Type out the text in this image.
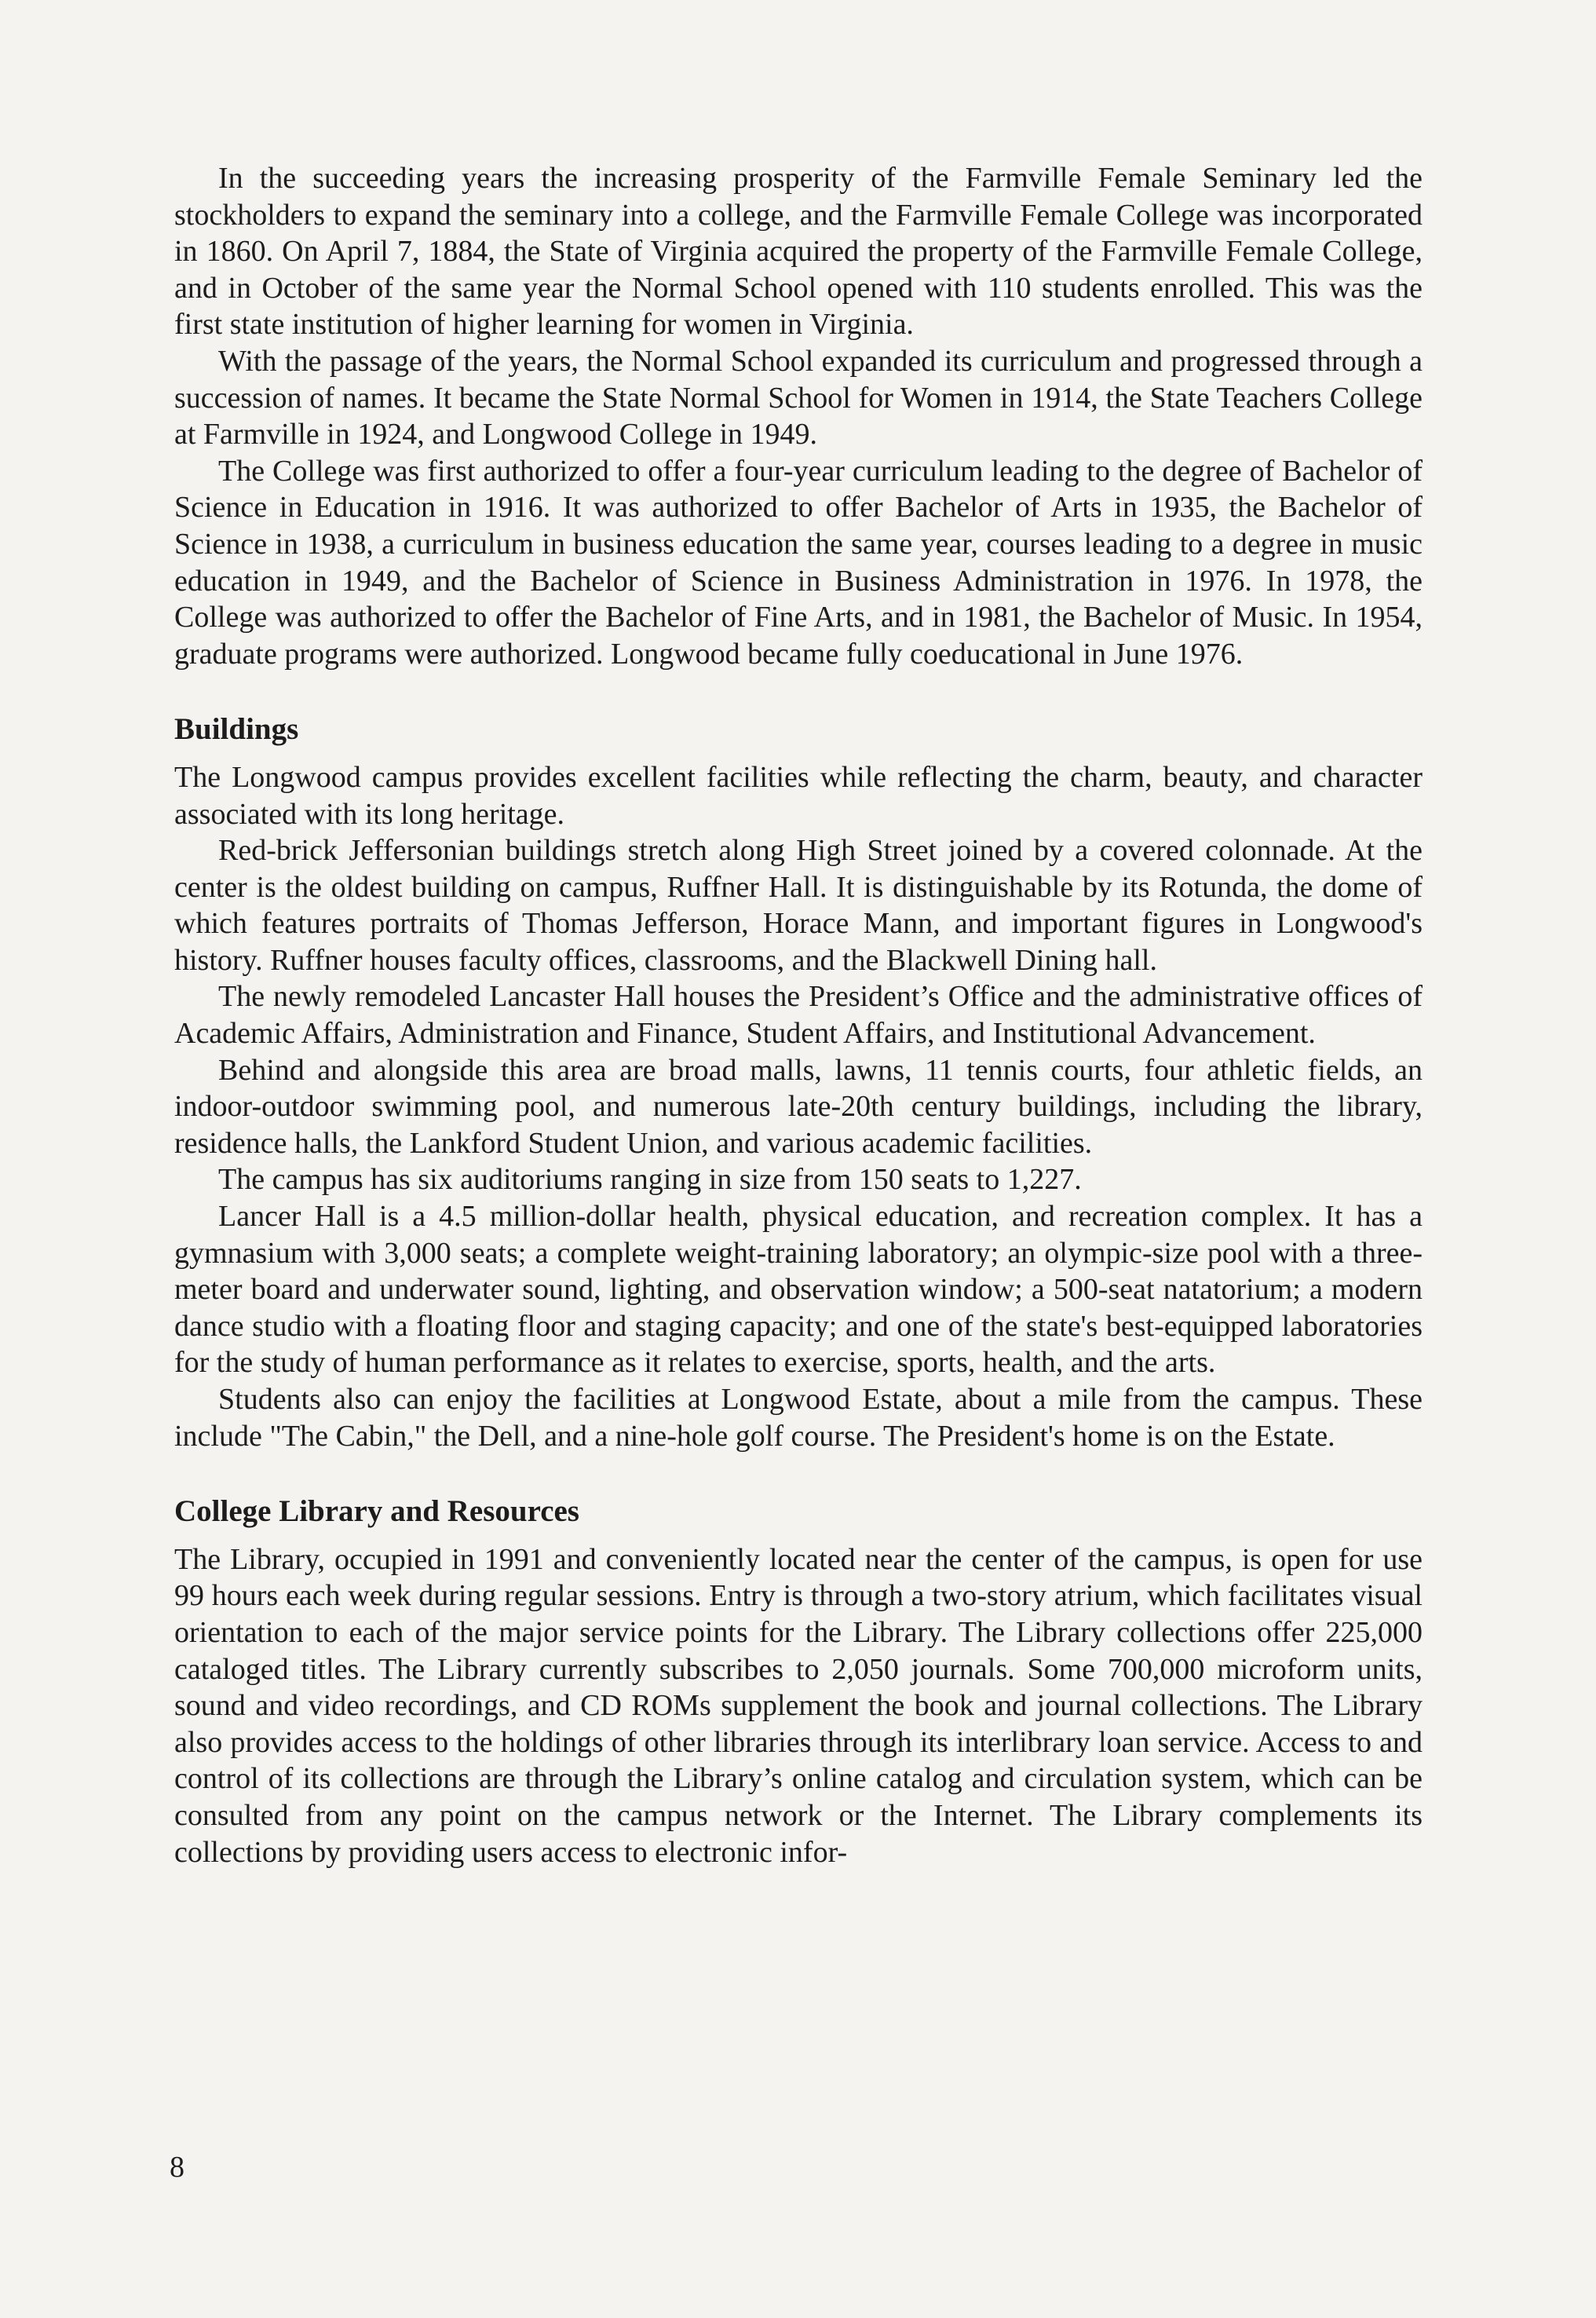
In the succeeding years the increasing prosperity of the Farmville Female Seminary led the stockholders to expand the seminary into a college, and the Farmville Female College was incorporated in 1860. On April 7, 1884, the State of Virginia acquired the property of the Farmville Female College, and in October of the same year the Normal School opened with 110 students enrolled. This was the first state institution of higher learning for women in Virginia.

With the passage of the years, the Normal School expanded its curriculum and progressed through a succession of names. It became the State Normal School for Women in 1914, the State Teachers College at Farmville in 1924, and Longwood College in 1949.

The College was first authorized to offer a four-year curriculum leading to the degree of Bachelor of Science in Education in 1916. It was authorized to offer Bachelor of Arts in 1935, the Bachelor of Science in 1938, a curriculum in business education the same year, courses leading to a degree in music education in 1949, and the Bachelor of Science in Business Administration in 1976. In 1978, the College was authorized to offer the Bachelor of Fine Arts, and in 1981, the Bachelor of Music. In 1954, graduate programs were authorized. Longwood became fully coeducational in June 1976.

Buildings

The Longwood campus provides excellent facilities while reflecting the charm, beauty, and character associated with its long heritage.

Red-brick Jeffersonian buildings stretch along High Street joined by a covered colonnade. At the center is the oldest building on campus, Ruffner Hall. It is distinguishable by its Rotunda, the dome of which features portraits of Thomas Jefferson, Horace Mann, and important figures in Longwood's history. Ruffner houses faculty offices, classrooms, and the Blackwell Dining hall.

The newly remodeled Lancaster Hall houses the President’s Office and the administrative offices of Academic Affairs, Administration and Finance, Student Affairs, and Institutional Advancement.

Behind and alongside this area are broad malls, lawns, 11 tennis courts, four athletic fields, an indoor-outdoor swimming pool, and numerous late-20th century buildings, including the library, residence halls, the Lankford Student Union, and various academic facilities.

The campus has six auditoriums ranging in size from 150 seats to 1,227.

Lancer Hall is a 4.5 million-dollar health, physical education, and recreation complex. It has a gymnasium with 3,000 seats; a complete weight-training laboratory; an olympic-size pool with a three-meter board and underwater sound, lighting, and observation window; a 500-seat natatorium; a modern dance studio with a floating floor and staging capacity; and one of the state's best-equipped laboratories for the study of human performance as it relates to exercise, sports, health, and the arts.

Students also can enjoy the facilities at Longwood Estate, about a mile from the campus. These include "The Cabin," the Dell, and a nine-hole golf course. The President's home is on the Estate.

College Library and Resources

The Library, occupied in 1991 and conveniently located near the center of the campus, is open for use 99 hours each week during regular sessions. Entry is through a two-story atrium, which facilitates visual orientation to each of the major service points for the Library. The Library collections offer 225,000 cataloged titles. The Library currently subscribes to 2,050 journals. Some 700,000 microform units, sound and video recordings, and CD ROMs supplement the book and journal collections. The Library also provides access to the holdings of other libraries through its interlibrary loan service. Access to and control of its collections are through the Library’s online catalog and circulation system, which can be consulted from any point on the campus network or the Internet. The Library complements its collections by providing users access to electronic infor-

8
